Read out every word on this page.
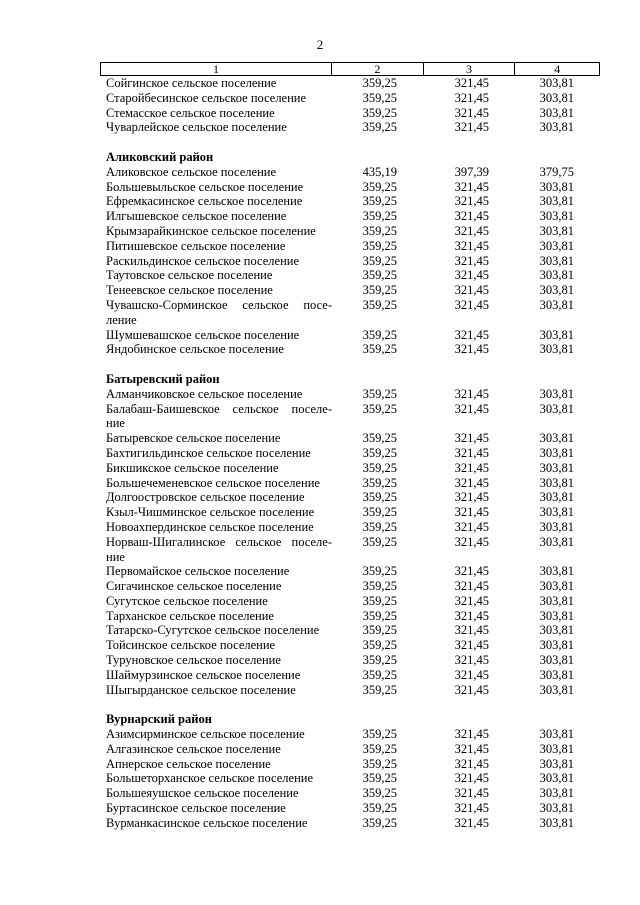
2
1	2	3	4
Сойгинское сельское поселение	359,25	321,45	303,81
Старойбесинское сельское поселение	359,25	321,45	303,81
Стемасское сельское поселение	359,25	321,45	303,81
Чуварлейское сельское поселение	359,25	321,45	303,81
Аликовский район
Аликовское сельское поселение	435,19	397,39	379,75
Большевыльское сельское поселение	359,25	321,45	303,81
Ефремкасинское сельское поселение	359,25	321,45	303,81
Илгышевское сельское поселение	359,25	321,45	303,81
Крымзарайкинское сельское поселение	359,25	321,45	303,81
Питишевское сельское поселение	359,25	321,45	303,81
Раскильдинское сельское поселение	359,25	321,45	303,81
Таутовское сельское поселение	359,25	321,45	303,81
Тенеевское сельское поселение	359,25	321,45	303,81
Чувашско-Сорминское сельское посе-	359,25	321,45	303,81
ление
Шумшевашское сельское поселение	359,25	321,45	303,81
Яндобинское сельское поселение	359,25	321,45	303,81
Батыревский район
Алманчиковское сельское поселение	359,25	321,45	303,81
Балабаш-Баишевское сельское поселе-	359,25	321,45	303,81
ние
Батыревское сельское поселение	359,25	321,45	303,81
Бахтигильдинское сельское поселение	359,25	321,45	303,81
Бикшикское сельское поселение	359,25	321,45	303,81
Большечеменевское сельское поселение	359,25	321,45	303,81
Долгоостровское сельское поселение	359,25	321,45	303,81
Кзыл-Чишминское сельское поселение	359,25	321,45	303,81
Новоахпердинское сельское поселение	359,25	321,45	303,81
Норваш-Шигалинское сельское поселе-	359,25	321,45	303,81
ние
Первомайское сельское поселение	359,25	321,45	303,81
Сигачинское сельское поселение	359,25	321,45	303,81
Сугутское сельское поселение	359,25	321,45	303,81
Тарханское сельское поселение	359,25	321,45	303,81
Татарско-Сугутское сельское поселение	359,25	321,45	303,81
Тойсинское сельское поселение	359,25	321,45	303,81
Туруновское сельское поселение	359,25	321,45	303,81
Шаймурзинское сельское поселение	359,25	321,45	303,81
Шыгырданское сельское поселение	359,25	321,45	303,81
Вурнарский район
Азимсирминское сельское поселение	359,25	321,45	303,81
Алгазинское сельское поселение	359,25	321,45	303,81
Апнерское сельское поселение	359,25	321,45	303,81
Большеторханское сельское поселение	359,25	321,45	303,81
Большеяушское сельское поселение	359,25	321,45	303,81
Буртасинское сельское поселение	359,25	321,45	303,81
Вурманкасинское сельское поселение	359,25	321,45	303,81
